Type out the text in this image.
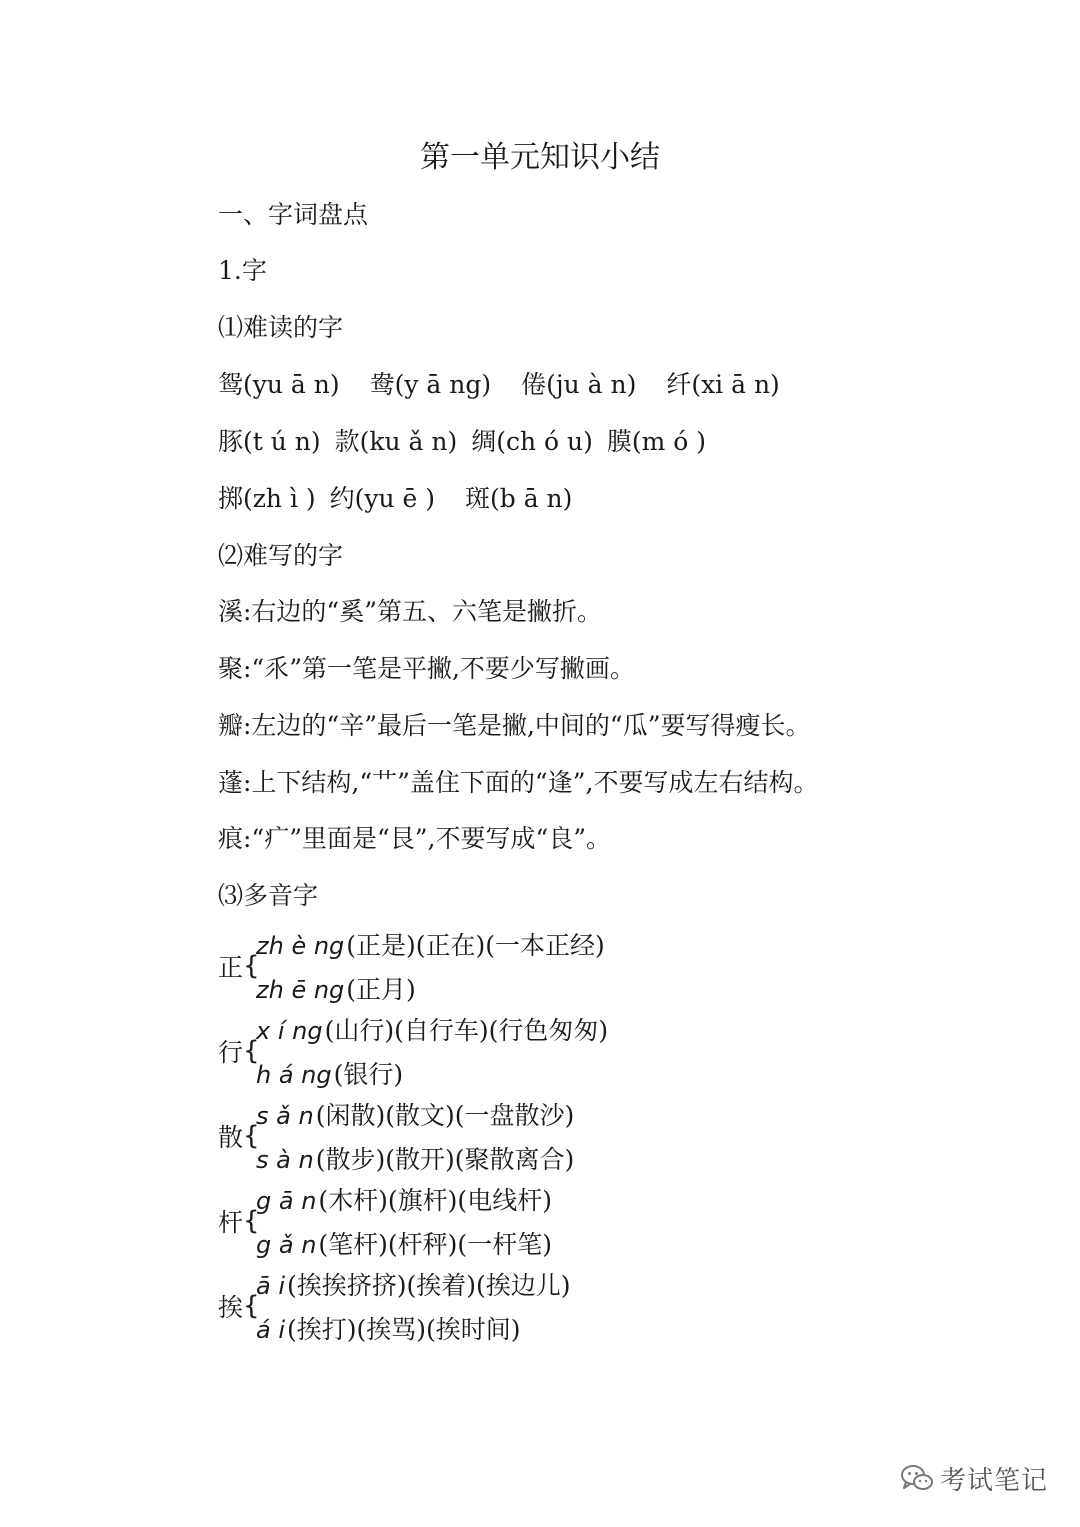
第一单元知识小结

一、字词盘点

1.字

⑴难读的字

鸳(yu ā n) 鸯(y ā ng) 倦(ju à n) 纤(xi ā n)

豚(t ú n) 款(ku ǎ n) 绸(ch ó u) 膜(m ó )

掷(zh ì ) 约(yu ē ) 斑(b ā n)

⑵难写的字

溪:右边的“奚”第五、六笔是撇折。

聚:“乑”第一笔是平撇,不要少写撇画。

瓣:左边的“辛”最后一笔是撇,中间的“瓜”要写得瘦长。

蓬:上下结构,“艹”盖住下面的“逢”,不要写成左右结构。

痕:“疒”里面是“艮”,不要写成“良”。

⑶多音字

正 {
zh è ng(正是)(正在)(一本正经)
zh ē ng(正月)
行 {
x í ng(山行)(自行车)(行色匆匆)
h á ng(银行)
散 {
s ǎ n(闲散)(散文)(一盘散沙)
s à n(散步)(散开)(聚散离合)
杆 {
g ā n(木杆)(旗杆)(电线杆)
g ǎ n(笔杆)(杆秤)(一杆笔)
挨 {
ā i(挨挨挤挤)(挨着)(挨边儿)
á i(挨打)(挨骂)(挨时间)
考试笔记
